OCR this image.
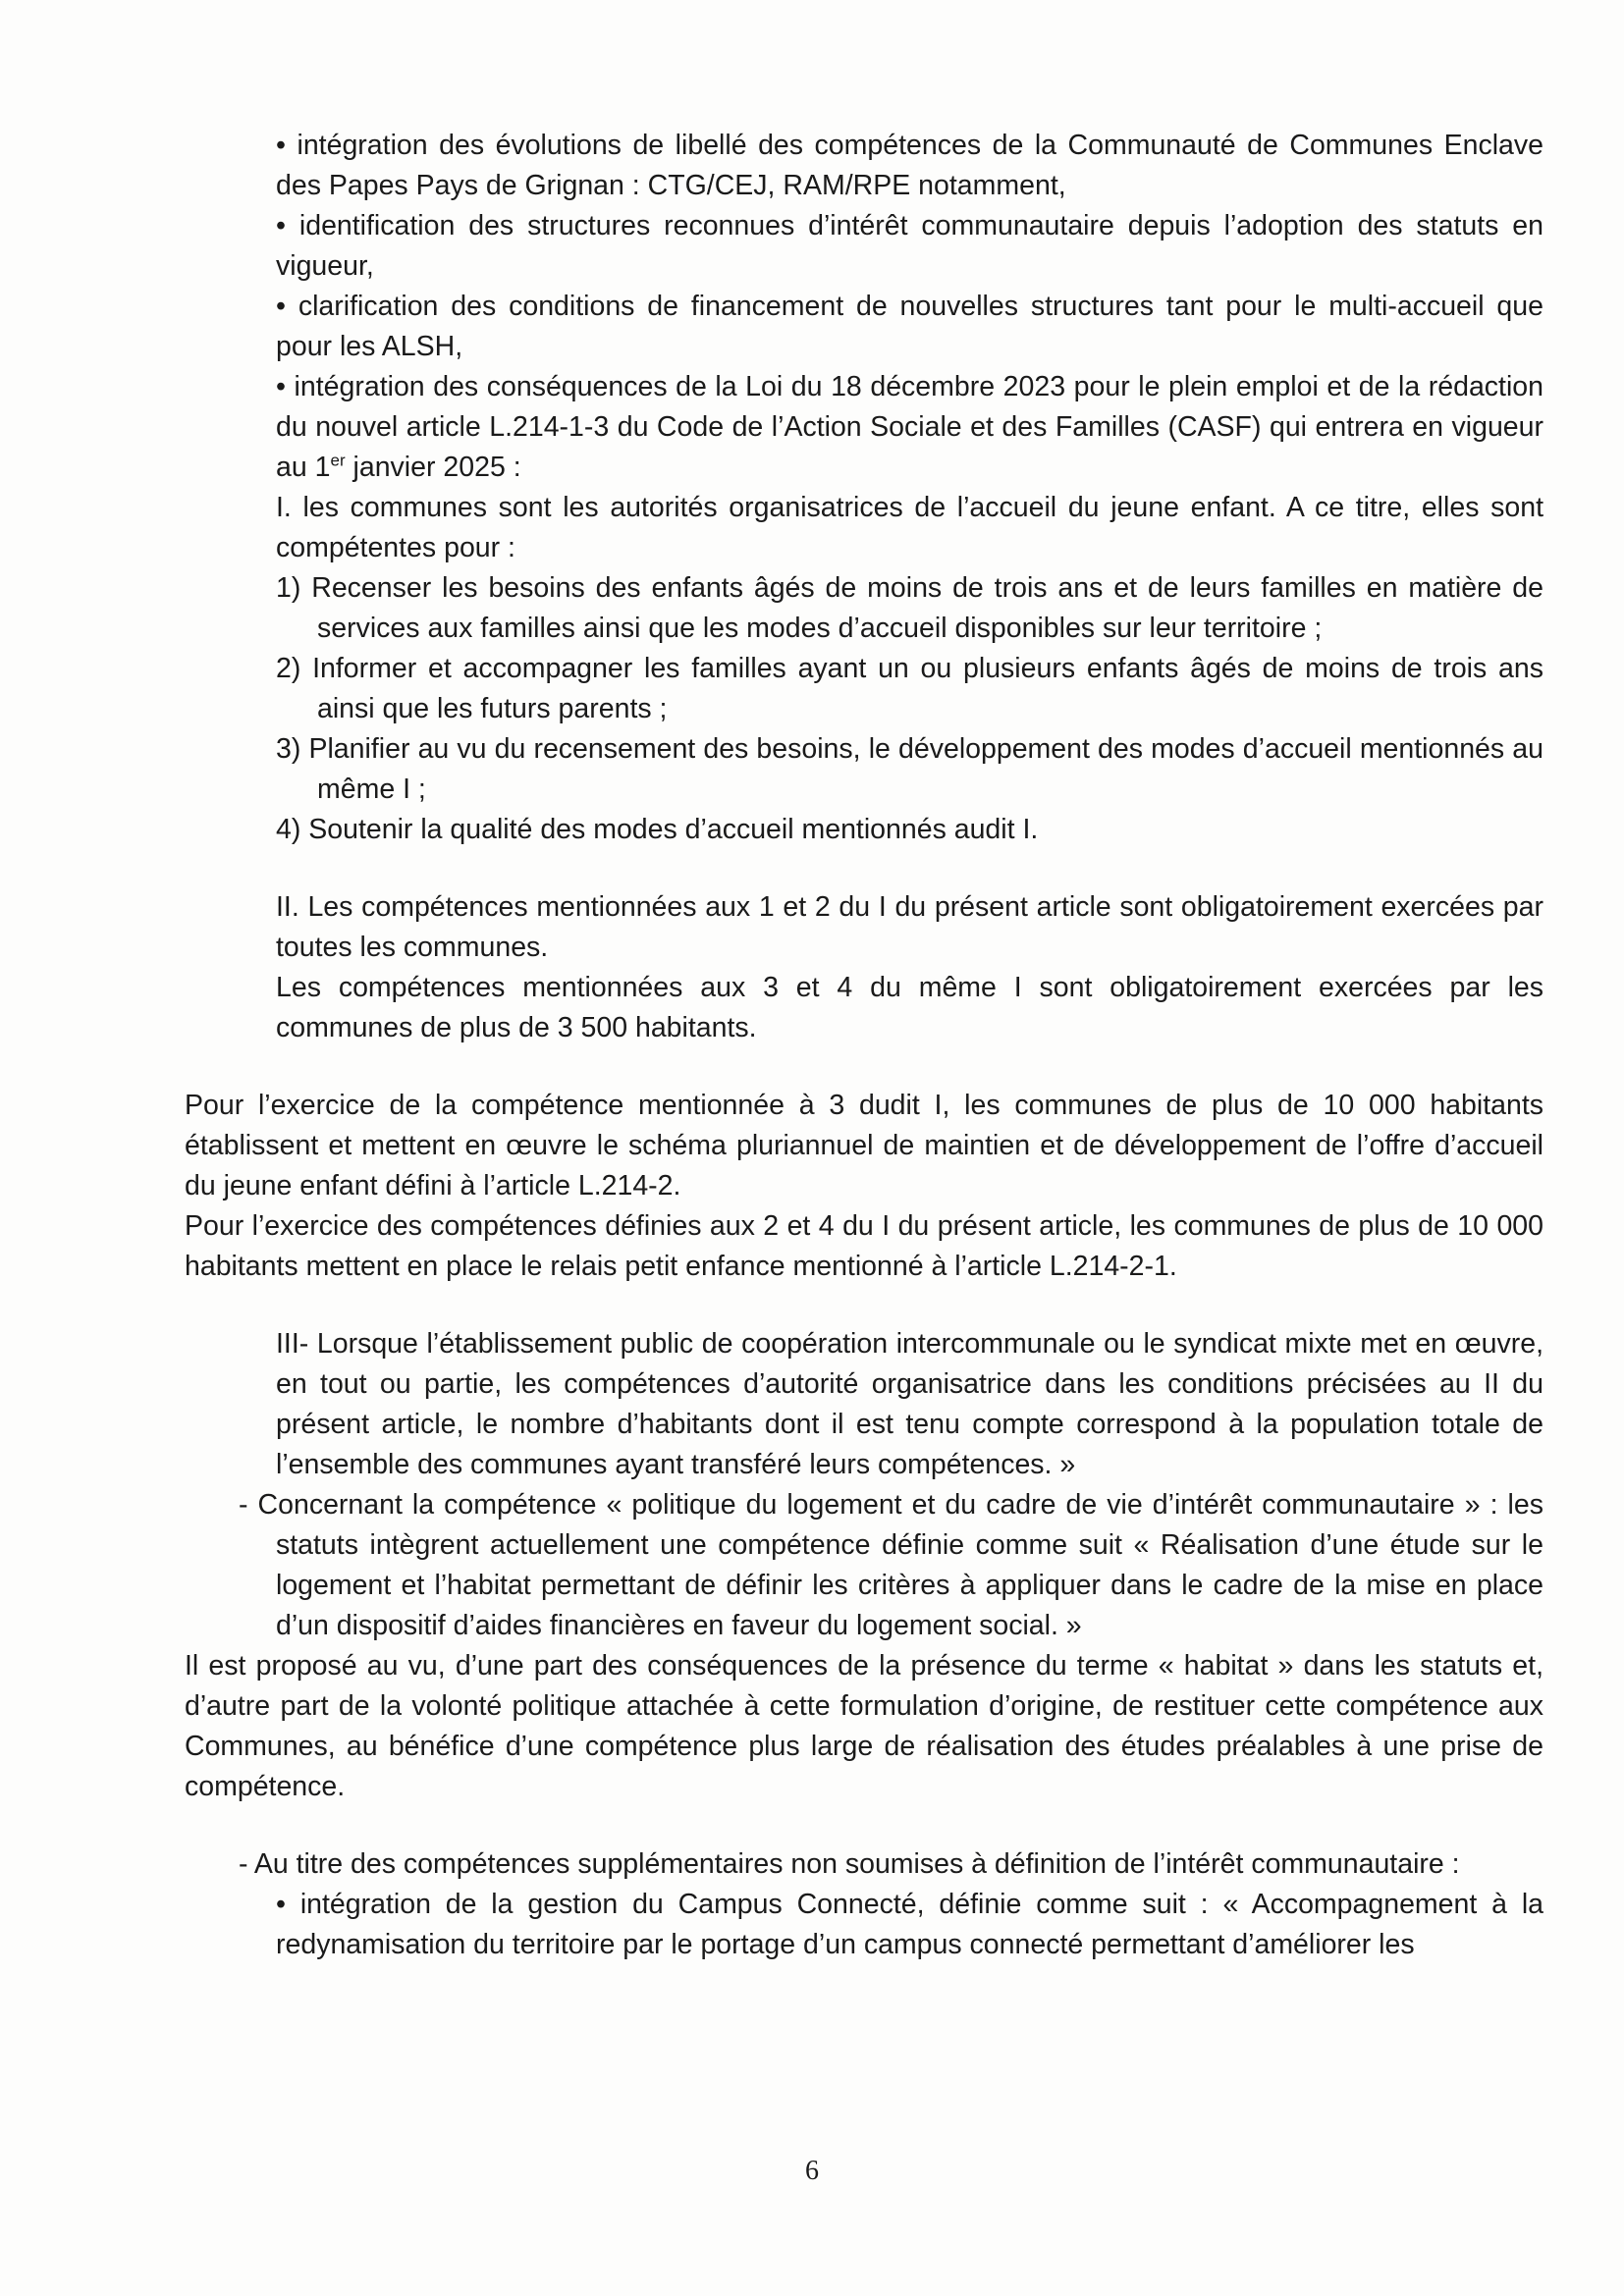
• intégration des évolutions de libellé des compétences de la Communauté de Communes Enclave des Papes Pays de Grignan : CTG/CEJ, RAM/RPE notamment,

• identification des structures reconnues d’intérêt communautaire depuis l’adoption des statuts en vigueur,

• clarification des conditions de financement de nouvelles structures tant pour le multi-accueil que pour les ALSH,

• intégration des conséquences de la Loi du 18 décembre 2023 pour le plein emploi et de la rédaction du nouvel article L.214-1-3 du Code de l’Action Sociale et des Familles (CASF) qui entrera en vigueur au 1er janvier 2025 :

I. les communes sont les autorités organisatrices de l’accueil du jeune enfant. A ce titre, elles sont compétentes pour :

1) Recenser les besoins des enfants âgés de moins de trois ans et de leurs familles en matière de services aux familles ainsi que les modes d’accueil disponibles sur leur territoire ;

2) Informer et accompagner les familles ayant un ou plusieurs enfants âgés de moins de trois ans ainsi que les futurs parents ;

3) Planifier au vu du recensement des besoins, le développement des modes d’accueil mentionnés au même I ;

4) Soutenir la qualité des modes d’accueil mentionnés audit I.

II. Les compétences mentionnées aux 1 et 2 du I du présent article sont obligatoirement exercées par toutes les communes.

Les compétences mentionnées aux 3 et 4 du même I sont obligatoirement exercées par les communes de plus de 3 500 habitants.

Pour l’exercice de la compétence mentionnée à 3 dudit I, les communes de plus de 10 000 habitants établissent et mettent en œuvre le schéma pluriannuel de maintien et de développement de l’offre d’accueil du jeune enfant défini à l’article L.214-2.

Pour l’exercice des compétences définies aux 2 et 4 du I du présent article, les communes de plus de 10 000 habitants mettent en place le relais petit enfance mentionné à l’article L.214-2-1.

III- Lorsque l’établissement public de coopération intercommunale ou le syndicat mixte met en œuvre, en tout ou partie, les compétences d’autorité organisatrice dans les conditions précisées au II du présent article, le nombre d’habitants dont il est tenu compte correspond à la population totale de l’ensemble des communes ayant transféré leurs compétences. »

- Concernant la compétence « politique du logement et du cadre de vie d’intérêt communautaire » : les statuts intègrent actuellement une compétence définie comme suit « Réalisation d’une étude sur le logement et l’habitat permettant de définir les critères à appliquer dans le cadre de la mise en place d’un dispositif d’aides financières en faveur du logement social. »

Il est proposé au vu, d’une part des conséquences de la présence du terme « habitat » dans les statuts et, d’autre part de la volonté politique attachée à cette formulation d’origine, de restituer cette compétence aux Communes, au bénéfice d’une compétence plus large de réalisation des études préalables à une prise de compétence.

- Au titre des compétences supplémentaires non soumises à définition de l’intérêt communautaire :

• intégration de la gestion du Campus Connecté, définie comme suit : « Accompagnement à la redynamisation du territoire par le portage d’un campus connecté permettant d’améliorer les

6
